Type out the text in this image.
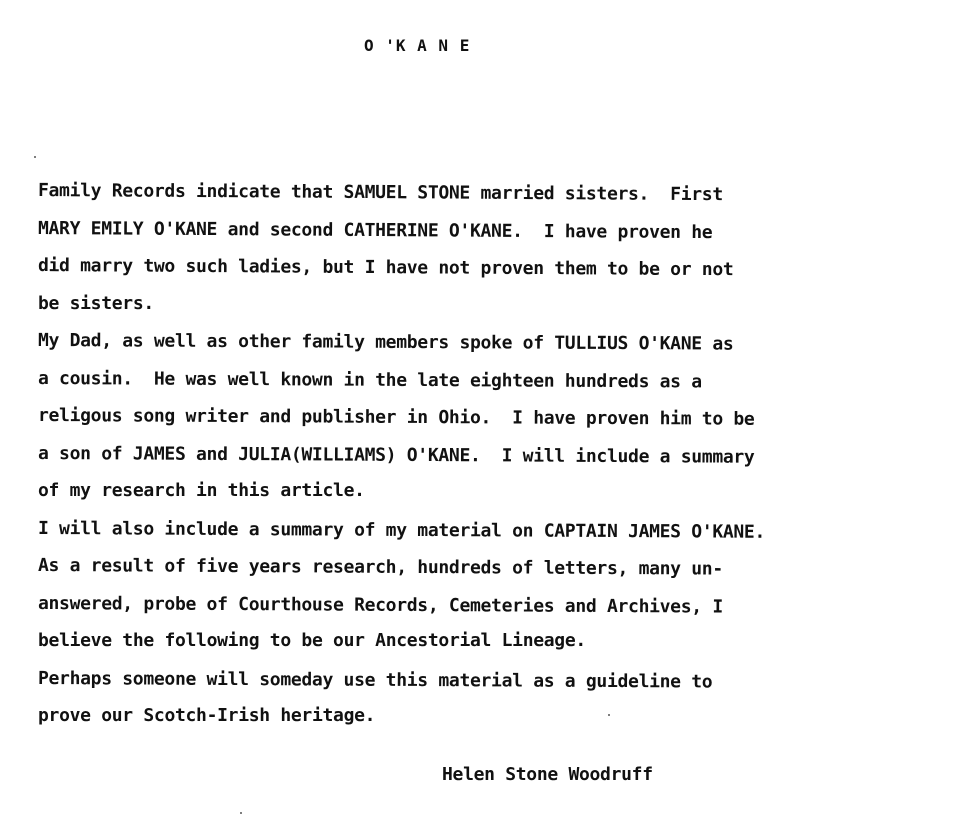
O 'K A N E
Family Records indicate that SAMUEL STONE married sisters.  First
MARY EMILY O'KANE and second CATHERINE O'KANE.  I have proven he
did marry two such ladies, but I have not proven them to be or not
be sisters.
My Dad, as well as other family members spoke of TULLIUS O'KANE as
a cousin.  He was well known in the late eighteen hundreds as a
religous song writer and publisher in Ohio.  I have proven him to be
a son of JAMES and JULIA(WILLIAMS) O'KANE.  I will include a summary
of my research in this article.
I will also include a summary of my material on CAPTAIN JAMES O'KANE.
As a result of five years research, hundreds of letters, many un-
answered, probe of Courthouse Records, Cemeteries and Archives, I
believe the following to be our Ancestorial Lineage.
Perhaps someone will someday use this material as a guideline to
prove our Scotch-Irish heritage.
Helen Stone Woodruff
